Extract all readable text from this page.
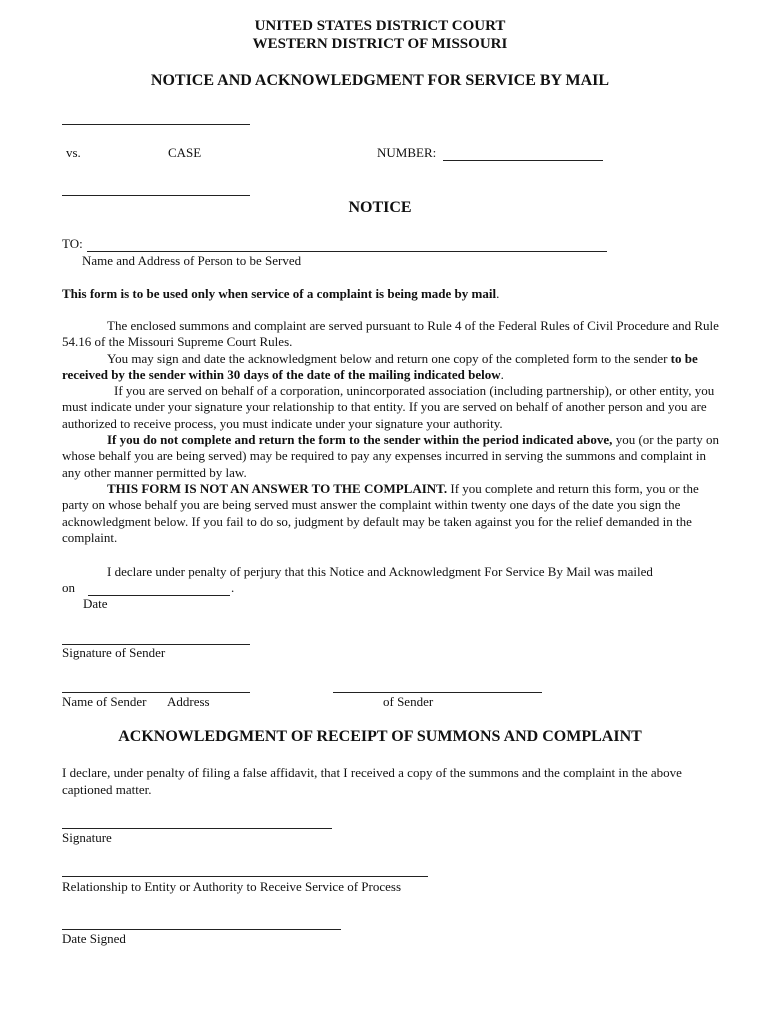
UNITED STATES DISTRICT COURT
WESTERN DISTRICT OF MISSOURI
NOTICE AND ACKNOWLEDGMENT FOR SERVICE BY MAIL
vs.	CASE	NUMBER:
NOTICE
TO:
Name and Address of Person to be Served
This form is to be used only when service of a complaint is being made by mail.

The enclosed summons and complaint are served pursuant to Rule 4 of the Federal Rules of Civil Procedure and Rule 54.16 of the Missouri Supreme Court Rules.

You may sign and date the acknowledgment below and return one copy of the completed form to the sender to be received by the sender within 30 days of the date of the mailing indicated below.

If you are served on behalf of a corporation, unincorporated association (including partnership), or other entity, you must indicate under your signature your relationship to that entity. If you are served on behalf of another person and you are authorized to receive process, you must indicate under your signature your authority.

If you do not complete and return the form to the sender within the period indicated above, you (or the party on whose behalf you are being served) may be required to pay any expenses incurred in serving the summons and complaint in any other manner permitted by law.

THIS FORM IS NOT AN ANSWER TO THE COMPLAINT. If you complete and return this form, you or the party on whose behalf you are being served must answer the complaint within twenty one days of the date you sign the acknowledgment below. If you fail to do so, judgment by default may be taken against you for the relief demanded in the complaint.

I declare under penalty of perjury that this Notice and Acknowledgment For Service By Mail was mailed
on	.
Date
Signature of Sender
Name of Sender Address	of Sender
ACKNOWLEDGMENT OF RECEIPT OF SUMMONS AND COMPLAINT
I declare, under penalty of filing a false affidavit, that I received a copy of the summons and the complaint in the above captioned matter.
Signature
Relationship to Entity or Authority to Receive Service of Process
Date Signed
